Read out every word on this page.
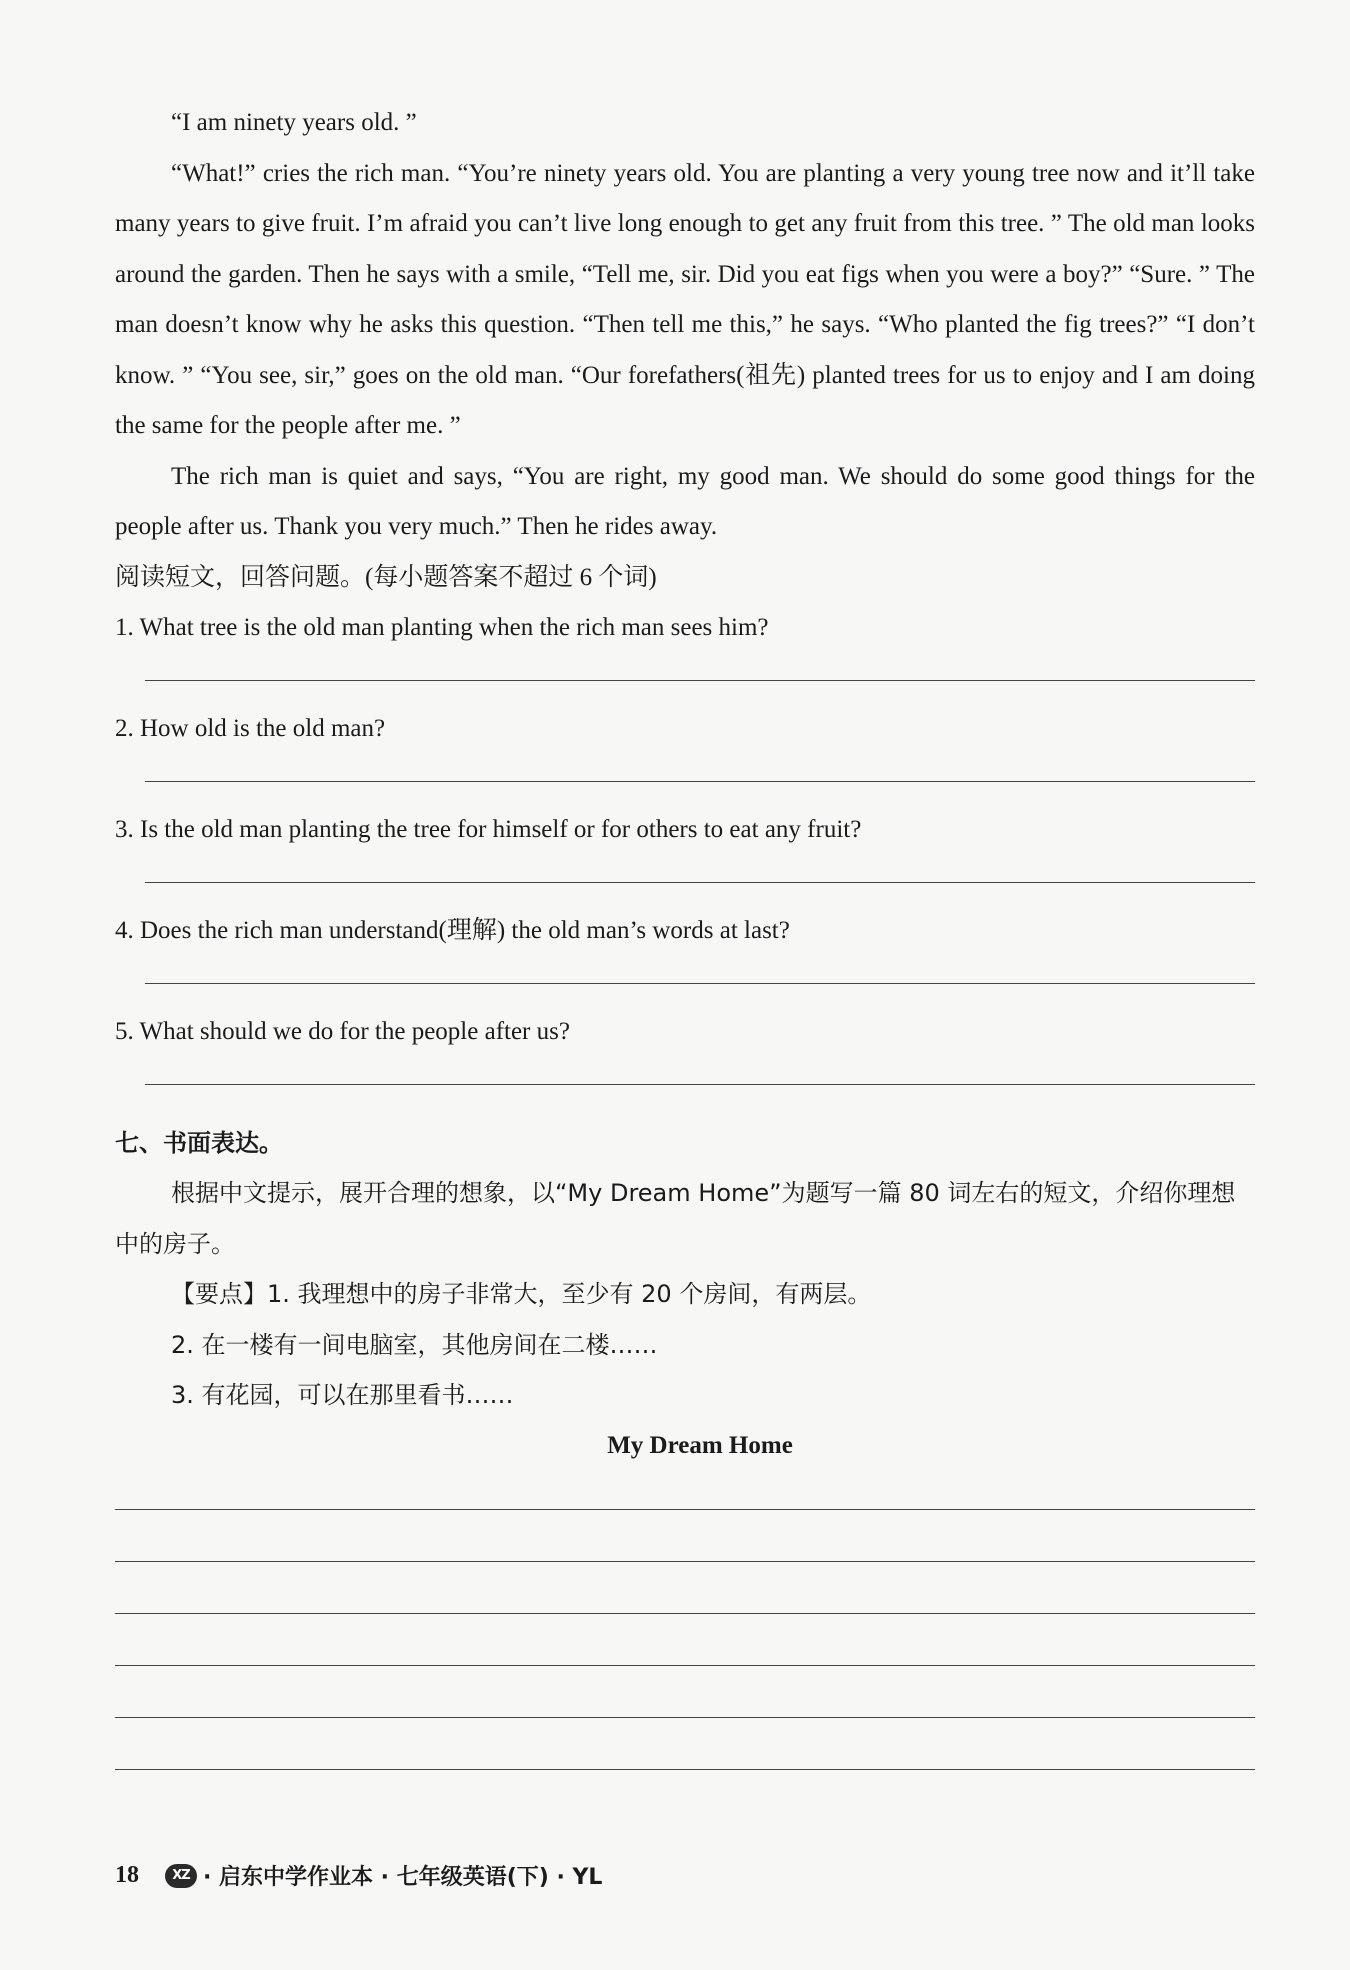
“I am ninety years old. ”

“What!” cries the rich man. “You’re ninety years old. You are planting a very young tree now and it’ll take many years to give fruit. I’m afraid you can’t live long enough to get any fruit from this tree. ” The old man looks around the garden. Then he says with a smile, “Tell me, sir. Did you eat figs when you were a boy?” “Sure. ” The man doesn’t know why he asks this question. “Then tell me this,” he says. “Who planted the fig trees?” “I don’t know. ” “You see, sir,” goes on the old man. “Our forefathers(祖先) planted trees for us to enjoy and I am doing the same for the people after me. ”

The rich man is quiet and says, “You are right, my good man. We should do some good things for the people after us. Thank you very much.” Then he rides away.

阅读短文，回答问题。(每小题答案不超过 6 个词)

1. What tree is the old man planting when the rich man sees him?

2. How old is the old man?

3. Is the old man planting the tree for himself or for others to eat any fruit?

4. Does the rich man understand(理解) the old man’s words at last?

5. What should we do for the people after us?

七、书面表达。

根据中文提示，展开合理的想象，以“My Dream Home”为题写一篇 80 词左右的短文，介绍你理想中的房子。

【要点】1. 我理想中的房子非常大，至少有 20 个房间，有两层。

2. 在一楼有一间电脑室，其他房间在二楼……

3. 有花园，可以在那里看书……

My Dream Home

18	XZ · 启东中学作业本 · 七年级英语(下) · YL
